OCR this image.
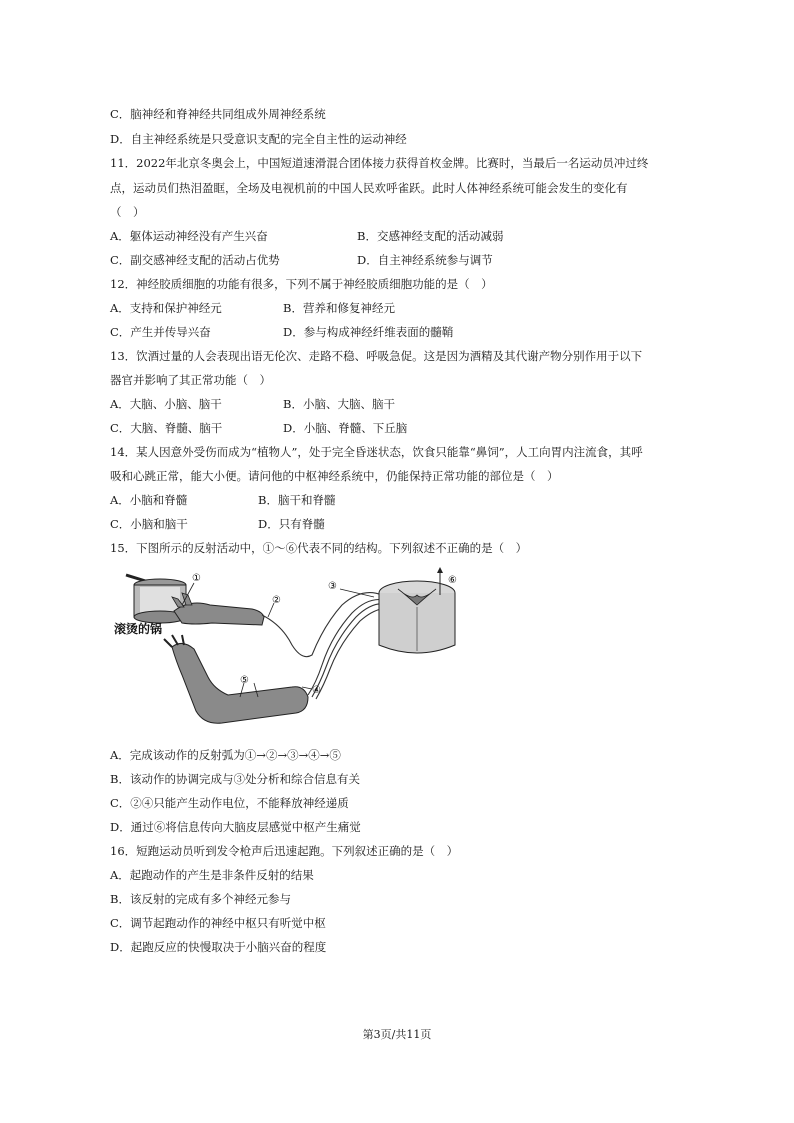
C．脑神经和脊神经共同组成外周神经系统
D．自主神经系统是只受意识支配的完全自主性的运动神经
11．2022年北京冬奥会上，中国短道速滑混合团体接力获得首枚金牌。比赛时，当最后一名运动员冲过终
点，运动员们热泪盈眶，全场及电视机前的中国人民欢呼雀跃。此时人体神经系统可能会发生的变化有
（　）
A．躯体运动神经没有产生兴奋	B．交感神经支配的活动减弱
C．副交感神经支配的活动占优势	D．自主神经系统参与调节
12．神经胶质细胞的功能有很多，下列不属于神经胶质细胞功能的是（　）
A．支持和保护神经元	B．营养和修复神经元
C．产生并传导兴奋	D．参与构成神经纤维表面的髓鞘
13．饮酒过量的人会表现出语无伦次、走路不稳、呼吸急促。这是因为酒精及其代谢产物分别作用于以下
器官并影响了其正常功能（　）
A．大脑、小脑、脑干	B．小脑、大脑、脑干
C．大脑、脊髓、脑干	D．小脑、脊髓、下丘脑
14．某人因意外受伤而成为“植物人”，处于完全昏迷状态，饮食只能靠“鼻饲”，人工向胃内注流食，其呼
吸和心跳正常，能大小便。请问他的中枢神经系统中，仍能保持正常功能的部位是（　）
A．小脑和脊髓	B．脑干和脊髓
C．小脑和脑干	D．只有脊髓
15．下图所示的反射活动中，①～⑥代表不同的结构。下列叙述不正确的是（　）
滚烫的锅
①
②
③
④
⑤
⑥
A．完成该动作的反射弧为①→②→③→④→⑤
B．该动作的协调完成与③处分析和综合信息有关
C．②④只能产生动作电位，不能释放神经递质
D．通过⑥将信息传向大脑皮层感觉中枢产生痛觉
16．短跑运动员听到发令枪声后迅速起跑。下列叙述正确的是（　）
A．起跑动作的产生是非条件反射的结果
B．该反射的完成有多个神经元参与
C．调节起跑动作的神经中枢只有听觉中枢
D．起跑反应的快慢取决于小脑兴奋的程度
第3页/共11页
